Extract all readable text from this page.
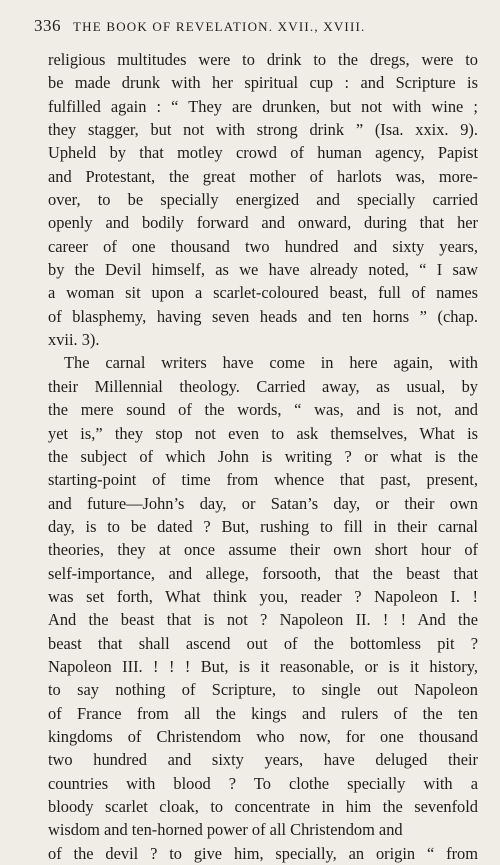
336 THE BOOK OF REVELATION. XVII., XVIII.
religious multitudes were to drink to the dregs, were to
be made drunk with her spiritual cup : and Scripture is
fulfilled again : “ They are drunken, but not with wine ;
they stagger, but not with strong drink ” (Isa. xxix. 9).
Upheld by that motley crowd of human agency, Papist
and Protestant, the great mother of harlots was, more-
over, to be specially energized and specially carried
openly and bodily forward and onward, during that her
career of one thousand two hundred and sixty years,
by the Devil himself, as we have already noted, “ I saw
a woman sit upon a scarlet-coloured beast, full of names
of blasphemy, having seven heads and ten horns ” (chap.
xvii. 3).
The carnal writers have come in here again, with
their Millennial theology. Carried away, as usual, by
the mere sound of the words, “ was, and is not, and
yet is,” they stop not even to ask themselves, What is
the subject of which John is writing ? or what is the
starting-point of time from whence that past, present,
and future—John’s day, or Satan’s day, or their own
day, is to be dated ? But, rushing to fill in their carnal
theories, they at once assume their own short hour of
self-importance, and allege, forsooth, that the beast that
was set forth, What think you, reader ? Napoleon I. !
And the beast that is not ? Napoleon II. ! ! And the
beast that shall ascend out of the bottomless pit ?
Napoleon III. ! ! ! But, is it reasonable, or is it history,
to say nothing of Scripture, to single out Napoleon
of France from all the kings and rulers of the ten
kingdoms of Christendom who now, for one thousand
two hundred and sixty years, have deluged their
countries with blood ? To clothe specially with a
bloody scarlet cloak, to concentrate in him the sevenfold
wisdom and ten-horned power of all Christendom and
of the devil ? to give him, specially, an origin “ from
